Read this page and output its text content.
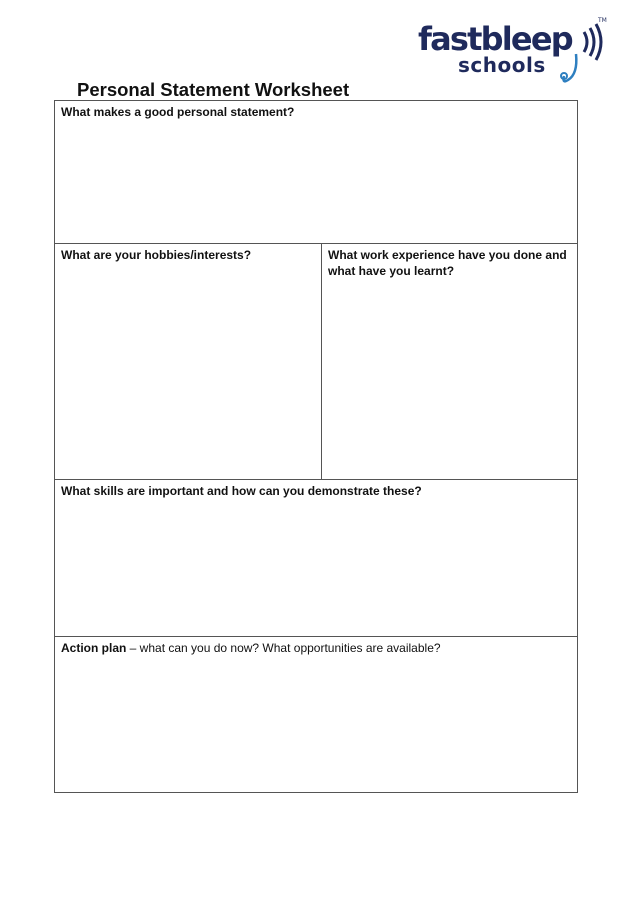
fastbleep
schools
TM
Personal Statement Worksheet
What makes a good personal statement?
What are your hobbies/interests?	What work experience have you done and what have you learnt?
What skills are important and how can you demonstrate these?
Action plan – what can you do now? What opportunities are available?
